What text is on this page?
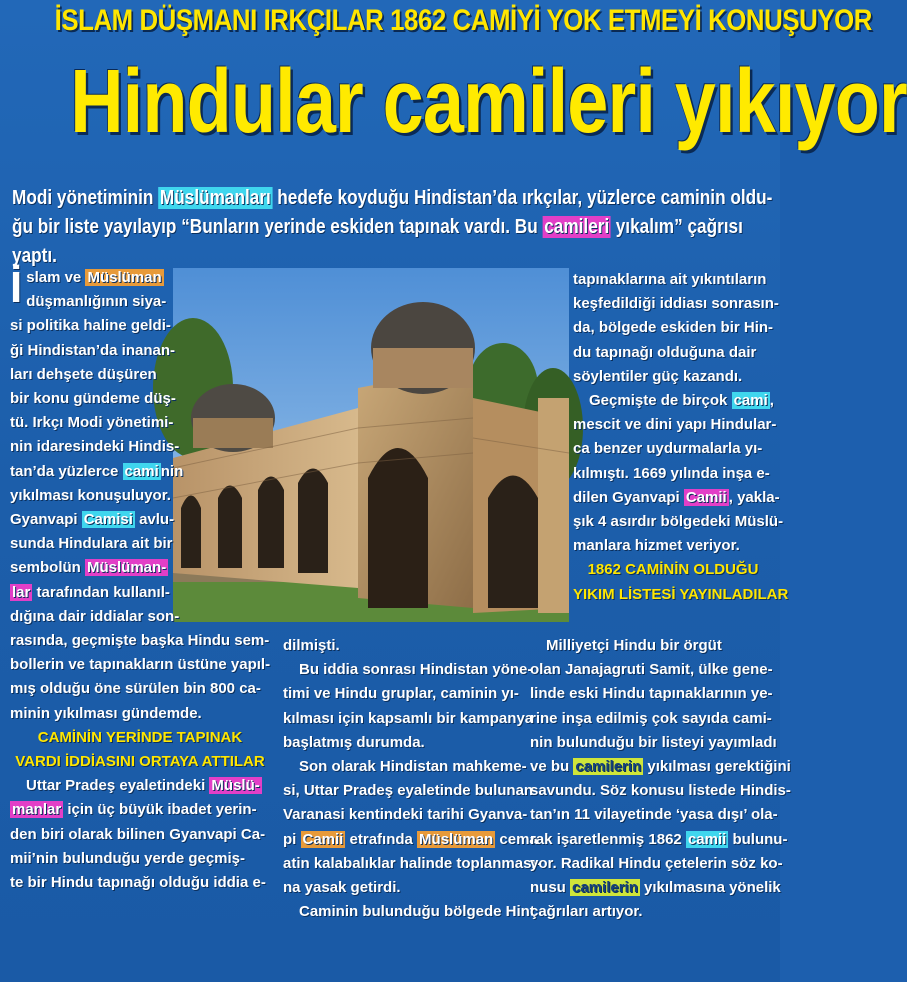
İSLAM DÜŞMANI IRKÇILAR 1862 CAMİYİ YOK ETMEYİ KONUŞUYOR
Hindular camileri yıkıyor
Modi yönetiminin Müslümanları hedefe koyduğu Hindistan’da ırkçılar, yüzlerce caminin oldu-
ğu bir liste yayılayıp “Bunların yerinde eskiden tapınak vardı. Bu camileri yıkalım” çağrısı yaptı.

İslam ve Müslüman

düşmanlığının siya-

si politika haline geldi-

ği Hindistan’da inanan-

ları dehşete düşüren

bir konu gündeme düş-

tü. Irkçı Modi yönetimi-

nin idaresindeki Hindis-

tan’da yüzlerce cami nin

yıkılması konuşuluyor.

Gyanvapi Camisi avlu-

sunda Hindulara ait bir

sembolün Müslüman-

lar tarafından kullanıl-

dığına dair iddialar son-

rasında, geçmişte başka Hindu sem-

bollerin ve tapınakların üstüne yapıl-

mış olduğu öne sürülen bin 800 ca-

minin yıkılması gündemde.

CAMİNİN YERİNDE TAPINAK

VARDI İDDİASINI ORTAYA ATTILAR

Uttar Pradeş eyaletindeki Müslü-

manlar için üç büyük ibadet yerin-

den biri olarak bilinen Gyanvapi Ca-

mii’nin bulunduğu yerde geçmiş-

te bir Hindu tapınağı olduğu iddia e-

dilmişti.

Bu iddia sonrası Hindistan yöne-

timi ve Hindu gruplar, caminin yı-

kılması için kapsamlı bir kampanya

başlatmış durumda.

Son olarak Hindistan mahkeme-

si, Uttar Pradeş eyaletinde bulunan

Varanasi kentindeki tarihi Gyanva-

pi Camii etrafında Müslüman cema-

atin kalabalıklar halinde toplanması-

na yasak getirdi.

Caminin bulunduğu bölgede Hint

tapınaklarına ait yıkıntıların

keşfedildiği iddiası sonrasın-

da, bölgede eskiden bir Hin-

du tapınağı olduğuna dair

söylentiler güç kazandı.

Geçmişte de birçok cami ,

mescit ve dini yapı Hindular-

ca benzer uydurmalarla yı-

kılmıştı. 1669 yılında inşa e-

dilen Gyanvapi Camii , yakla-

şık 4 asırdır bölgedeki Müslü-

manlara hizmet veriyor.

1862 CAMİNİN OLDUĞU

YIKIM LİSTESİ YAYINLADILAR

Milliyetçi Hindu bir örgüt

olan Janajagruti Samit, ülke gene-

linde eski Hindu tapınaklarının ye-

rine inşa edilmiş çok sayıda cami-

nin bulunduğu bir listeyi yayımladı

ve bu camilerin yıkılması gerektiğini

savundu. Söz konusu listede Hindis-

tan’ın 11 vilayetinde ‘yasa dışı’ ola-

rak işaretlenmiş 1862 camii bulunu-

yor. Radikal Hindu çetelerin söz ko-

nusu camilerin yıkılmasına yönelik

çağrıları artıyor.
